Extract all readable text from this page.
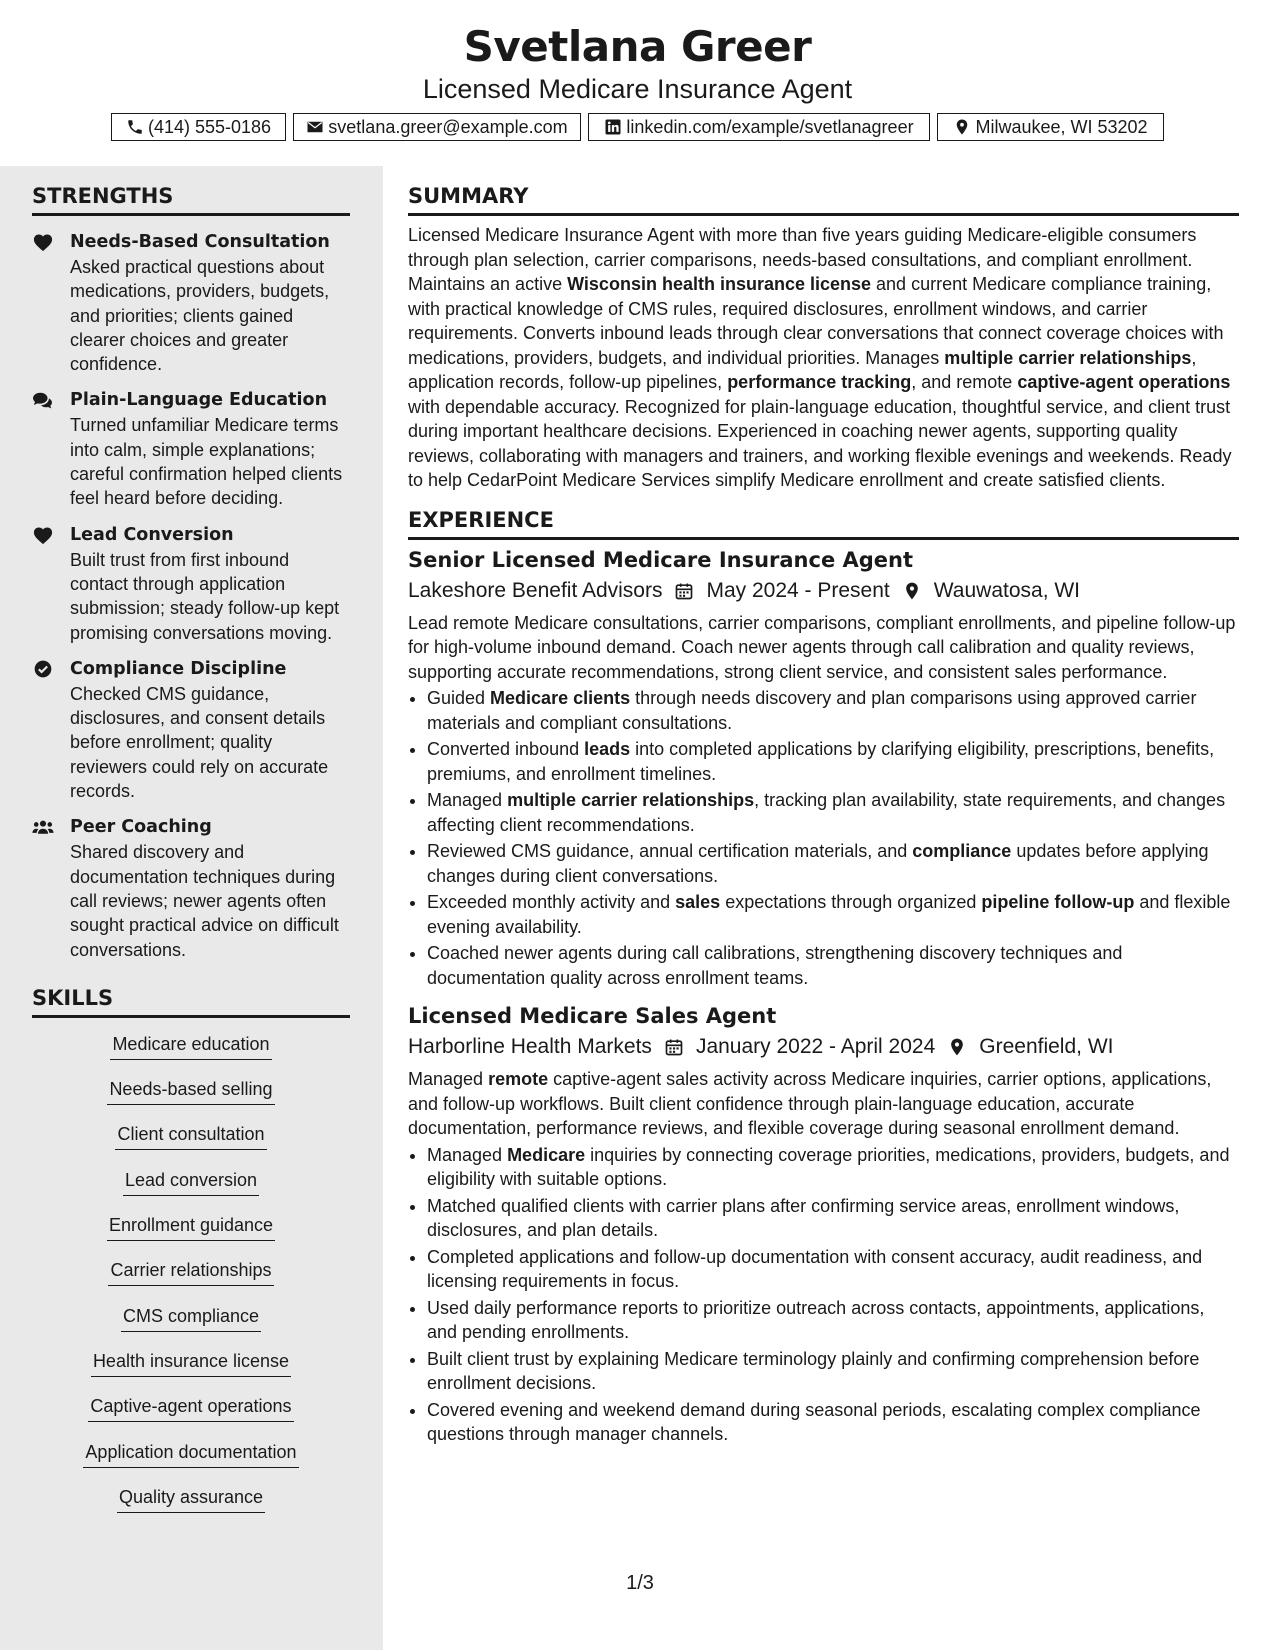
Svetlana Greer
Licensed Medicare Insurance Agent
(414) 555-0186	svetlana.greer@example.com	linkedin.com/example/svetlanagreer	Milwaukee, WI 53202
STRENGTHS
Needs-Based Consultation
Asked practical questions about medications, providers, budgets, and priorities; clients gained clearer choices and greater confidence.
Plain-Language Education
Turned unfamiliar Medicare terms into calm, simple explanations; careful confirmation helped clients feel heard before deciding.
Lead Conversion
Built trust from first inbound contact through application submission; steady follow-up kept promising conversations moving.
Compliance Discipline
Checked CMS guidance, disclosures, and consent details before enrollment; quality reviewers could rely on accurate records.
Peer Coaching
Shared discovery and documentation techniques during call reviews; newer agents often sought practical advice on difficult conversations.
SKILLS
Medicare education
Needs-based selling
Client consultation
Lead conversion
Enrollment guidance
Carrier relationships
CMS compliance
Health insurance license
Captive-agent operations
Application documentation
Quality assurance
SUMMARY

Licensed Medicare Insurance Agent with more than five years guiding Medicare-eligible consumers through plan selection, carrier comparisons, needs-based consultations, and compliant enrollment. Maintains an active Wisconsin health insurance license and current Medicare compliance training, with practical knowledge of CMS rules, required disclosures, enrollment windows, and carrier requirements. Converts inbound leads through clear conversations that connect coverage choices with medications, providers, budgets, and individual priorities. Manages multiple carrier relationships, application records, follow-up pipelines, performance tracking, and remote captive-agent operations with dependable accuracy. Recognized for plain-language education, thoughtful service, and client trust during important healthcare decisions. Experienced in coaching newer agents, supporting quality reviews, collaborating with managers and trainers, and working flexible evenings and weekends. Ready to help CedarPoint Medicare Services simplify Medicare enrollment and create satisfied clients.

EXPERIENCE
Senior Licensed Medicare Insurance Agent
Lakeshore Benefit Advisors May 2024 - Present Wauwatosa, WI

Lead remote Medicare consultations, carrier comparisons, compliant enrollments, and pipeline follow-up for high-volume inbound demand. Coach newer agents through call calibration and quality reviews, supporting accurate recommendations, strong client service, and consistent sales performance.

• Guided Medicare clients through needs discovery and plan comparisons using approved carrier materials and compliant consultations.
• Converted inbound leads into completed applications by clarifying eligibility, prescriptions, benefits, premiums, and enrollment timelines.
• Managed multiple carrier relationships, tracking plan availability, state requirements, and changes affecting client recommendations.
• Reviewed CMS guidance, annual certification materials, and compliance updates before applying changes during client conversations.
• Exceeded monthly activity and sales expectations through organized pipeline follow-up and flexible evening availability.
• Coached newer agents during call calibrations, strengthening discovery techniques and documentation quality across enrollment teams.
Licensed Medicare Sales Agent
Harborline Health Markets January 2022 - April 2024 Greenfield, WI

Managed remote captive-agent sales activity across Medicare inquiries, carrier options, applications, and follow-up workflows. Built client confidence through plain-language education, accurate documentation, performance reviews, and flexible coverage during seasonal enrollment demand.

• Managed Medicare inquiries by connecting coverage priorities, medications, providers, budgets, and eligibility with suitable options.
• Matched qualified clients with carrier plans after confirming service areas, enrollment windows, disclosures, and plan details.
• Completed applications and follow-up documentation with consent accuracy, audit readiness, and licensing requirements in focus.
• Used daily performance reports to prioritize outreach across contacts, appointments, applications, and pending enrollments.
• Built client trust by explaining Medicare terminology plainly and confirming comprehension before enrollment decisions.
• Covered evening and weekend demand during seasonal periods, escalating complex compliance questions through manager channels.
1/3
